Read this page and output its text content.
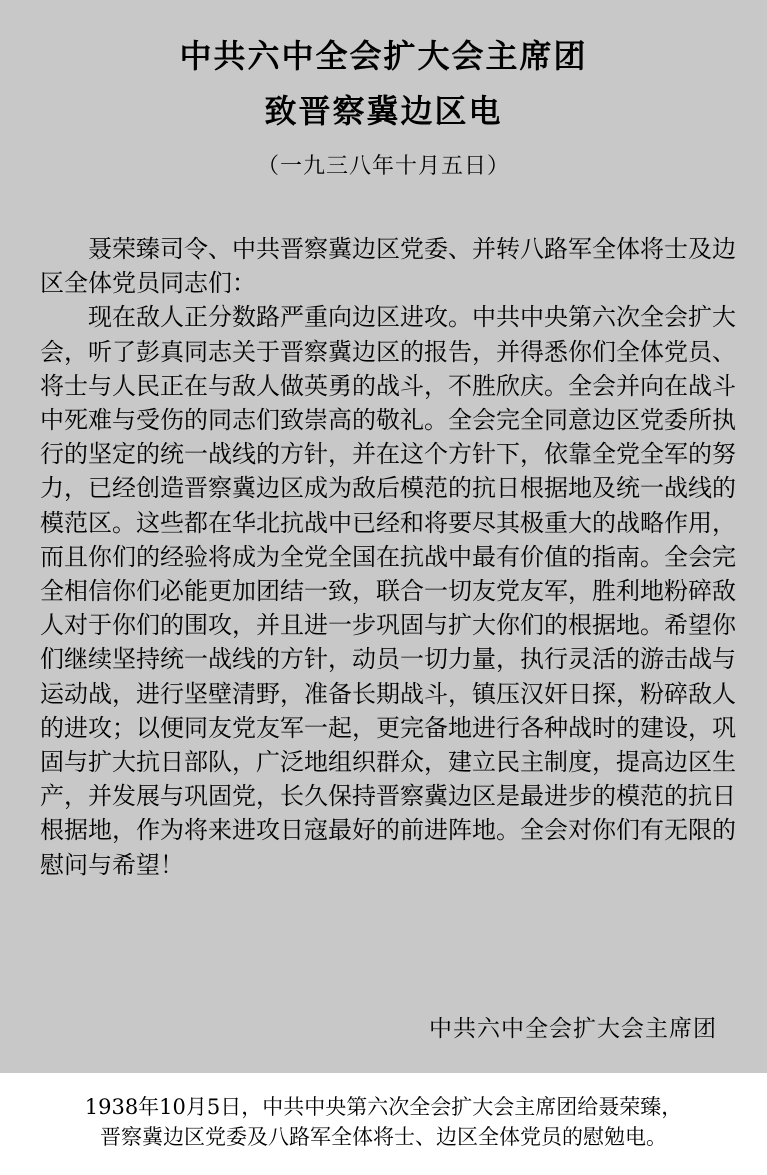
中共六中全会扩大会主席团
致晋察冀边区电
（一九三八年十月五日）

聂荣臻司令、中共晋察冀边区党委、并转八路军全体将士及边区全体党员同志们：

现在敌人正分数路严重向边区进攻。中共中央第六次全会扩大会，听了彭真同志关于晋察冀边区的报告，并得悉你们全体党员、将士与人民正在与敌人做英勇的战斗，不胜欣庆。全会并向在战斗中死难与受伤的同志们致崇高的敬礼。全会完全同意边区党委所执行的坚定的统一战线的方针，并在这个方针下，依靠全党全军的努力，已经创造晋察冀边区成为敌后模范的抗日根据地及统一战线的模范区。这些都在华北抗战中已经和将要尽其极重大的战略作用，而且你们的经验将成为全党全国在抗战中最有价值的指南。全会完全相信你们必能更加团结一致，联合一切友党友军，胜利地粉碎敌人对于你们的围攻，并且进一步巩固与扩大你们的根据地。希望你们继续坚持统一战线的方针，动员一切力量，执行灵活的游击战与运动战，进行坚壁清野，准备长期战斗，镇压汉奸日探，粉碎敌人的进攻；以便同友党友军一起，更完备地进行各种战时的建设，巩固与扩大抗日部队，广泛地组织群众，建立民主制度，提高边区生产，并发展与巩固党，长久保持晋察冀边区是最进步的模范的抗日根据地，作为将来进攻日寇最好的前进阵地。全会对你们有无限的慰问与希望！

中共六中全会扩大会主席团
1938年10月5日，中共中央第六次全会扩大会主席团给聂荣臻，
晋察冀边区党委及八路军全体将士、边区全体党员的慰勉电。
